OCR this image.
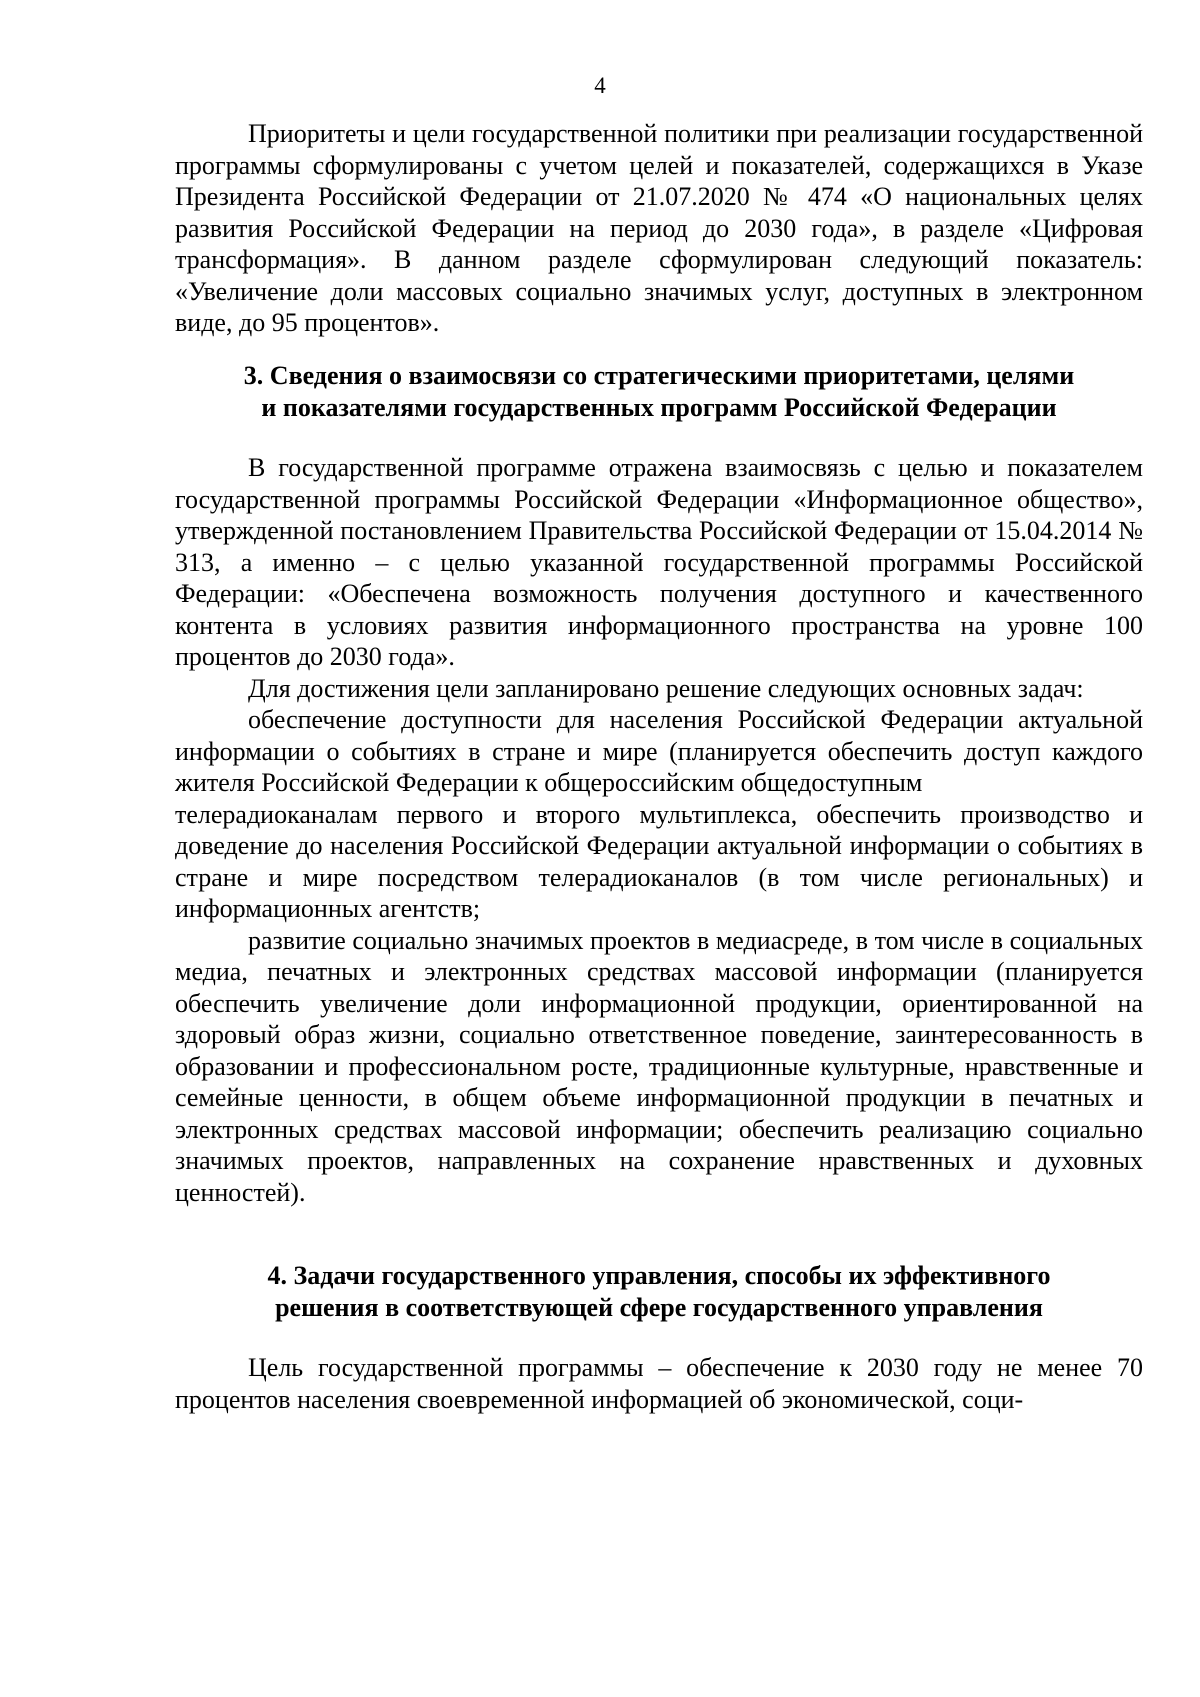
4

Приоритеты и цели государственной политики при реализации государственной программы сформулированы с учетом целей и показателей, содержащихся в Указе Президента Российской Федерации от 21.07.2020 № 474 «О национальных целях развития Российской Федерации на период до 2030 года», в разделе «Цифровая трансформация». В данном разделе сформулирован следующий показатель: «Увеличение доли массовых социально значимых услуг, доступных в электронном виде, до 95 процентов».

3. Сведения о взаимосвязи со стратегическими приоритетами, целями
и показателями государственных программ Российской Федерации

В государственной программе отражена взаимосвязь с целью и показателем государственной программы Российской Федерации «Информационное общество», утвержденной постановлением Правительства Российской Федерации от 15.04.2014 № 313, а именно – с целью указанной государственной программы Российской Федерации: «Обеспечена возможность получения доступного и качественного контента в условиях развития информационного пространства на уровне 100 процентов до 2030 года».

Для достижения цели запланировано решение следующих основных задач:

обеспечение доступности для населения Российской Федерации актуальной информации о событиях в стране и мире (планируется обеспечить доступ каждого жителя Российской Федерации к общероссийским общедоступным

телерадиоканалам первого и второго мультиплекса, обеспечить производство и доведение до населения Российской Федерации актуальной информации о событиях в стране и мире посредством телерадиоканалов (в том числе региональных) и информационных агентств;

развитие социально значимых проектов в медиасреде, в том числе в социальных медиа, печатных и электронных средствах массовой информации (планируется обеспечить увеличение доли информационной продукции, ориентированной на здоровый образ жизни, социально ответственное поведение, заинтересованность в образовании и профессиональном росте, традиционные культурные, нравственные и семейные ценности, в общем объеме информационной продукции в печатных и электронных средствах массовой информации; обеспечить реализацию социально значимых проектов, направленных на сохранение нравственных и духовных ценностей).

4. Задачи государственного управления, способы их эффективного
решения в соответствующей сфере государственного управления

Цель государственной программы – обеспечение к 2030 году не менее 70 процентов населения своевременной информацией об экономической, соци-
